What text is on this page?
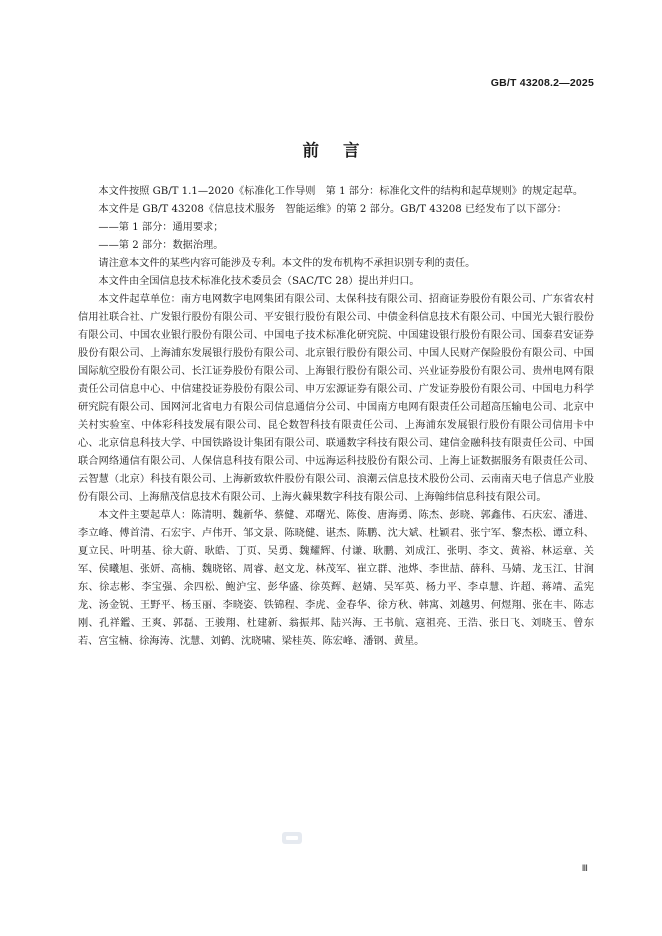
GB/T 43208.2—2025
前言

本文件按照 GB/T 1.1—2020《标准化工作导则　第 1 部分：标准化文件的结构和起草规则》的规定起草。

本文件是 GB/T 43208《信息技术服务　智能运维》的第 2 部分。GB/T 43208 已经发布了以下部分：

——第 1 部分：通用要求；

——第 2 部分：数据治理。

请注意本文件的某些内容可能涉及专利。本文件的发布机构不承担识别专利的责任。

本文件由全国信息技术标准化技术委员会（SAC/TC 28）提出并归口。

本文件起草单位：南方电网数字电网集团有限公司、太保科技有限公司、招商证券股份有限公司、广东省农村信用社联合社、广发银行股份有限公司、平安银行股份有限公司、中债金科信息技术有限公司、中国光大银行股份有限公司、中国农业银行股份有限公司、中国电子技术标准化研究院、中国建设银行股份有限公司、国泰君安证券股份有限公司、上海浦东发展银行股份有限公司、北京银行股份有限公司、中国人民财产保险股份有限公司、中国国际航空股份有限公司、长江证券股份有限公司、上海银行股份有限公司、兴业证券股份有限公司、贵州电网有限责任公司信息中心、中信建投证券股份有限公司、申万宏源证券有限公司、广发证券股份有限公司、中国电力科学研究院有限公司、国网河北省电力有限公司信息通信分公司、中国南方电网有限责任公司超高压输电公司、北京中关村实验室、中体彩科技发展有限公司、昆仑数智科技有限责任公司、上海浦东发展银行股份有限公司信用卡中心、北京信息科技大学、中国铁路设计集团有限公司、联通数字科技有限公司、建信金融科技有限责任公司、中国联合网络通信有限公司、人保信息科技有限公司、中远海运科技股份有限公司、上海上证数据服务有限责任公司、云智慧（北京）科技有限公司、上海新致软件股份有限公司、浪潮云信息技术股份公司、云南南天电子信息产业股份有限公司、上海鼎茂信息技术有限公司、上海火蕀果数字科技有限公司、上海翰纬信息科技有限公司。

本文件主要起草人：陈清明、魏新华、蔡健、邓曙光、陈俊、唐海勇、陈杰、彭晓、郭鑫伟、石庆宏、潘进、李立峰、傅首清、石宏宇、卢伟开、邹文景、陈晓健、谌杰、陈鹏、沈大斌、杜颖君、张宁军、黎杰松、谭立科、夏立民、叶明基、徐大蔚、耿皓、丁页、吴勇、魏耀辉、付谦、耿鹏、刘成江、张明、李文、黄裕、林运章、关军、侯曦旭、张妍、高楠、魏晓铭、周睿、赵文龙、林茂军、崔立群、池烨、李世喆、薛科、马婧、龙玉江、甘润东、徐志彬、李宝强、余四松、鲍沪宝、彭华盛、徐英辉、赵婧、吴军英、杨力平、李卓慧、许超、蒋靖、孟宪龙、汤金锐、王野平、杨玉丽、李晓姿、铁锦程、李虎、金春华、徐方秋、韩寓、刘越男、何煜翔、张在丰、陈志刚、孔祥鑑、王爽、郭磊、王骏翔、杜建新、翁振邦、陆兴海、王书航、寇祖亮、王浩、张日飞、刘晓玉、曾东若、宫宝楠、徐海涛、沈慧、刘鹤、沈晓啸、梁桂英、陈宏峰、潘钢、黄星。

Ⅲ
